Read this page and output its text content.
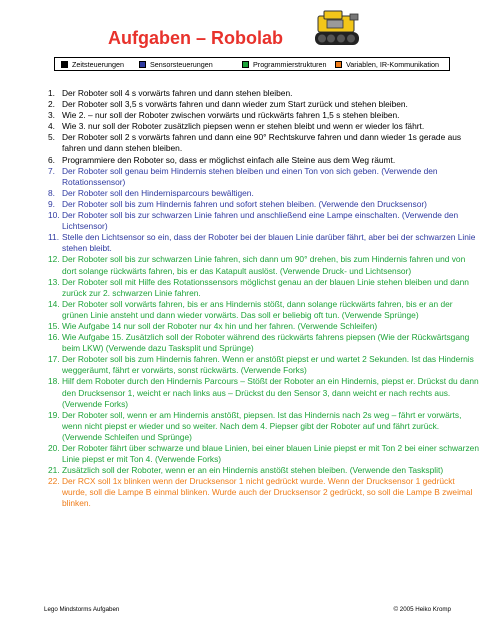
Aufgaben – Robolab
Zeitsteuerungen	Sensorsteuerungen	Programmierstrukturen	Variablen, IR-Kommunikation
1. Der Roboter soll 4 s vorwärts fahren und dann stehen bleiben.
2. Der Roboter soll 3,5 s vorwärts fahren und dann wieder zum Start zurück und stehen bleiben.
3. Wie 2. – nur soll der Roboter zwischen vorwärts und rückwärts fahren 1,5 s stehen bleiben.
4. Wie 3. nur soll der Roboter zusätzlich piepsen wenn er stehen bleibt und wenn er wieder los fährt.
5. Der Roboter soll 2 s vorwärts fahren und dann eine 90° Rechtskurve fahren und dann wieder 1s gerade aus fahren und dann stehen bleiben.
6. Programmiere den Roboter so, dass er möglichst einfach alle Steine aus dem Weg räumt.
7. Der Roboter soll genau beim Hindernis stehen bleiben und einen Ton von sich geben. (Verwende den Rotationssensor)
8. Der Roboter soll den Hindernisparcours bewältigen.
9. Der Roboter soll bis zum Hindernis fahren und sofort stehen bleiben. (Verwende den Drucksensor)
10. Der Roboter soll bis zur schwarzen Linie fahren und anschließend eine Lampe einschalten. (Verwende den Lichtsensor)
11. Stelle den Lichtsensor so ein, dass der Roboter bei der blauen Linie darüber fährt, aber bei der schwarzen Linie stehen bleibt.
12. Der Roboter soll bis zur schwarzen Linie fahren, sich dann um 90° drehen, bis zum Hindernis fahren und von dort solange rückwärts fahren, bis er das Katapult auslöst. (Verwende Druck- und Lichtsensor)
13. Der Roboter soll mit Hilfe des Rotationssensors möglichst genau an der blauen Linie stehen bleiben und dann zurück zur 2. schwarzen Linie fahren.
14. Der Roboter soll vorwärts fahren, bis er ans Hindernis stößt, dann solange rückwärts fahren, bis er an der grünen Linie ansteht und dann wieder vorwärts. Das soll er beliebig oft tun. (Verwende Sprünge)
15. Wie Aufgabe 14 nur soll der Roboter nur 4x hin und her fahren. (Verwende Schleifen)
16. Wie Aufgabe 15. Zusätzlich soll der Roboter während des rückwärts fahrens piepsen (Wie der Rückwärtsgang beim LKW) (Verwende dazu Tasksplit und Sprünge)
17. Der Roboter soll bis zum Hindernis fahren. Wenn er anstößt piepst er und wartet 2 Sekunden. Ist das Hindernis weggeräumt, fährt er vorwärts, sonst rückwärts. (Verwende Forks)
18. Hilf dem Roboter durch den Hindernis Parcours – Stößt der Roboter an ein Hindernis, piepst er. Drückst du dann den Drucksensor 1, weicht er nach links aus – Drückst du den Sensor 3, dann weicht er nach rechts aus. (Verwende Forks)
19. Der Roboter soll, wenn er am Hindernis anstößt, piepsen. Ist das Hindernis nach 2s weg – fährt er vorwärts, wenn nicht piepst er wieder und so weiter. Nach dem 4. Piepser gibt der Roboter auf und fährt zurück. (Verwende Schleifen und Sprünge)
20. Der Roboter fährt über schwarze und blaue Linien, bei einer blauen Linie piepst er mit Ton 2 bei einer schwarzen Linie piepst er mit Ton 4. (Verwende Forks)
21. Zusätzlich soll der Roboter, wenn er an ein Hindernis anstößt stehen bleiben. (Verwende den Tasksplit)
22. Der RCX soll 1x blinken wenn der Drucksensor 1 nicht gedrückt wurde. Wenn der Drucksensor 1 gedrückt wurde, soll die Lampe B einmal blinken. Wurde auch der Drucksensor 2 gedrückt, so soll die Lampe B zweimal blinken.
Lego Mindstorms Aufgaben	© 2005 Heiko Kromp
